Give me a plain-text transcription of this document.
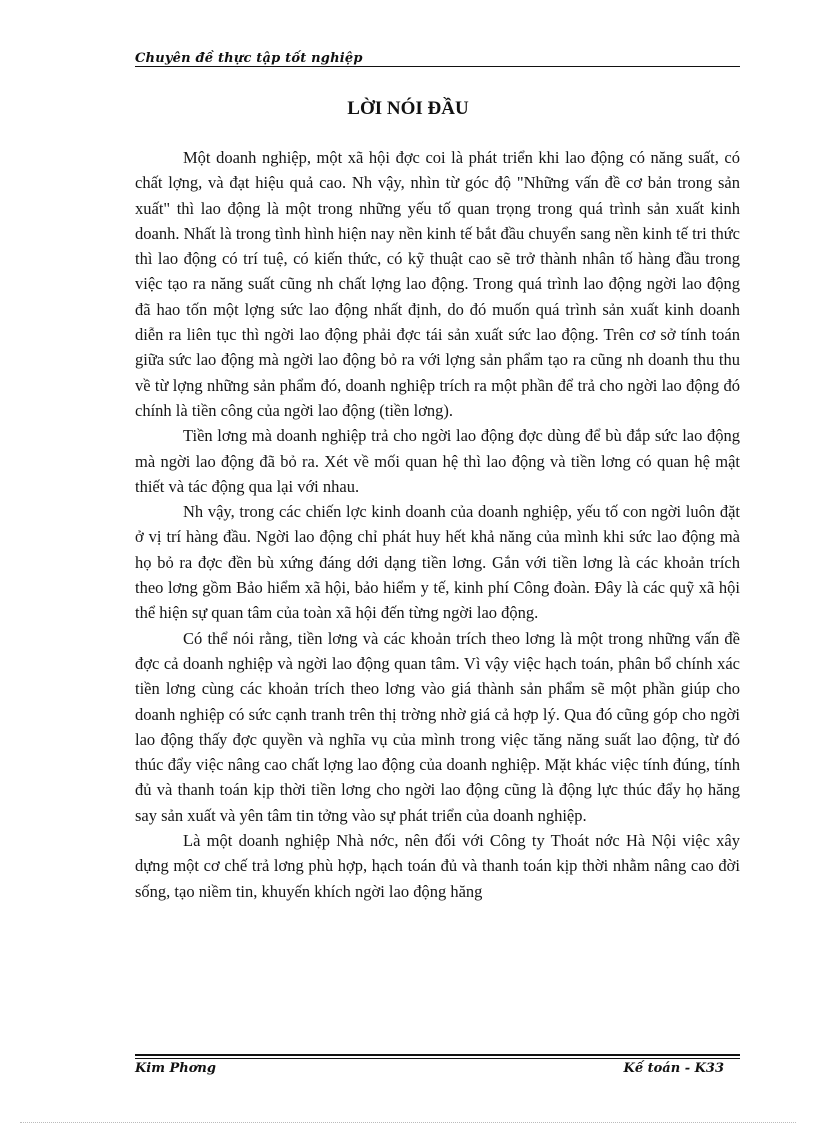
Chuyên đề thực tập tốt nghiệp
LỜI NÓI ĐẦU

Một doanh nghiệp, một xã hội đợc coi là phát triển khi lao động có năng suất, có chất lợng, và đạt hiệu quả cao. Nh vậy, nhìn từ góc độ "Những vấn đề cơ bản trong sản xuất" thì lao động là một trong những yếu tố quan trọng trong quá trình sản xuất kinh doanh. Nhất là trong tình hình hiện nay nền kinh tế bắt đầu chuyển sang nền kinh tế tri thức thì lao động có trí tuệ, có kiến thức, có kỹ thuật cao sẽ trở thành nhân tố hàng đầu trong việc tạo ra năng suất cũng nh chất lợng lao động. Trong quá trình lao động ngời lao động đã hao tốn một lợng sức lao động nhất định, do đó muốn quá trình sản xuất kinh doanh diễn ra liên tục thì ngời lao động phải đợc tái sản xuất sức lao động. Trên cơ sở tính toán giữa sức lao động mà ngời lao động bỏ ra với lợng sản phẩm tạo ra cũng nh doanh thu thu về từ lợng những sản phẩm đó, doanh nghiệp trích ra một phần để trả cho ngời lao động đó chính là tiền công của ngời lao động (tiền lơng).

Tiền lơng mà doanh nghiệp trả cho ngời lao động đợc dùng để bù đắp sức lao động mà ngời lao động đã bỏ ra. Xét về mối quan hệ thì lao động và tiền lơng có quan hệ mật thiết và tác động qua lại với nhau.

Nh vậy, trong các chiến lợc kinh doanh của doanh nghiệp, yếu tố con ngời luôn đặt ở vị trí hàng đầu. Ngời lao động chỉ phát huy hết khả năng của mình khi sức lao động mà họ bỏ ra đợc đền bù xứng đáng dới dạng tiền lơng. Gắn với tiền lơng là các khoản trích theo lơng gồm Bảo hiểm xã hội, bảo hiểm y tế, kinh phí Công đoàn. Đây là các quỹ xã hội thể hiện sự quan tâm của toàn xã hội đến từng ngời lao động.

Có thể nói rằng, tiền lơng và các khoản trích theo lơng là một trong những vấn đề đợc cả doanh nghiệp và ngời lao động quan tâm. Vì vậy việc hạch toán, phân bổ chính xác tiền lơng cùng các khoản trích theo lơng vào giá thành sản phẩm sẽ một phần giúp cho doanh nghiệp có sức cạnh tranh trên thị trờng nhờ giá cả hợp lý. Qua đó cũng góp cho ngời lao động thấy đợc quyền và nghĩa vụ của mình trong việc tăng năng suất lao động, từ đó thúc đẩy việc nâng cao chất lợng lao động của doanh nghiệp. Mặt khác việc tính đúng, tính đủ và thanh toán kịp thời tiền lơng cho ngời lao động cũng là động lực thúc đẩy họ hăng say sản xuất và yên tâm tin tởng vào sự phát triển của doanh nghiệp.

Là một doanh nghiệp Nhà nớc, nên đối với Công ty Thoát nớc Hà Nội việc xây dựng một cơ chế trả lơng phù hợp, hạch toán đủ và thanh toán kịp thời nhằm nâng cao đời sống, tạo niềm tin, khuyến khích ngời lao động hăng

Kim Phơng	Kế toán - K33
